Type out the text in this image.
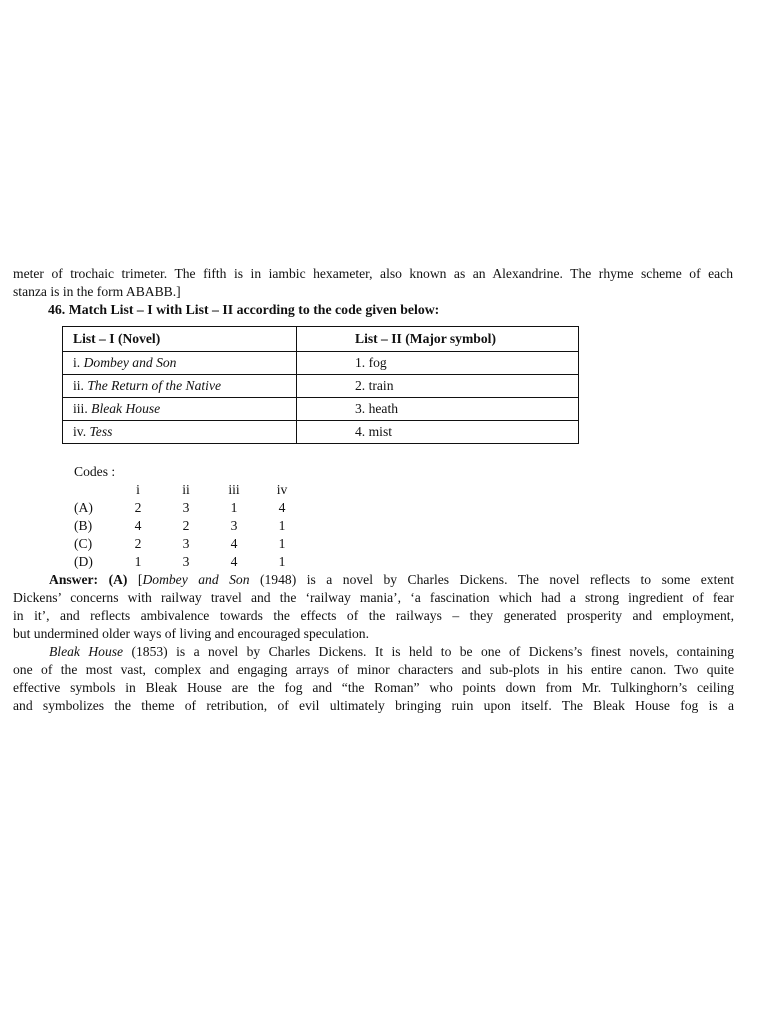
meter of trochaic trimeter. The fifth is in iambic hexameter, also known as an Alexandrine. The rhyme scheme of each
stanza is in the form ABABB.]
46. Match List – I with List – II according to the code given below:
List – I (Novel)	List – II (Major symbol)
i. Dombey and Son	1. fog
ii. The Return of the Native	2. train
iii. Bleak House	3. heath
iv. Tess	4. mist
Codes :
	i	ii	iii	iv
(A)	2	3	1	4
(B)	4	2	3	1
(C)	2	3	4	1
(D)	1	3	4	1
Answer: (A) [Dombey and Son (1948) is a novel by Charles Dickens. The novel reflects to some extent
Dickens’ concerns with railway travel and the ‘railway mania’, ‘a fascination which had a strong ingredient of fear
in it’, and reflects ambivalence towards the effects of the railways – they generated prosperity and employment,
but undermined older ways of living and encouraged speculation.
Bleak House (1853) is a novel by Charles Dickens. It is held to be one of Dickens’s finest novels, containing
one of the most vast, complex and engaging arrays of minor characters and sub-plots in his entire canon. Two quite
effective symbols in Bleak House are the fog and “the Roman” who points down from Mr. Tulkinghorn’s ceiling
and symbolizes the theme of retribution, of evil ultimately bringing ruin upon itself. The Bleak House fog is a
